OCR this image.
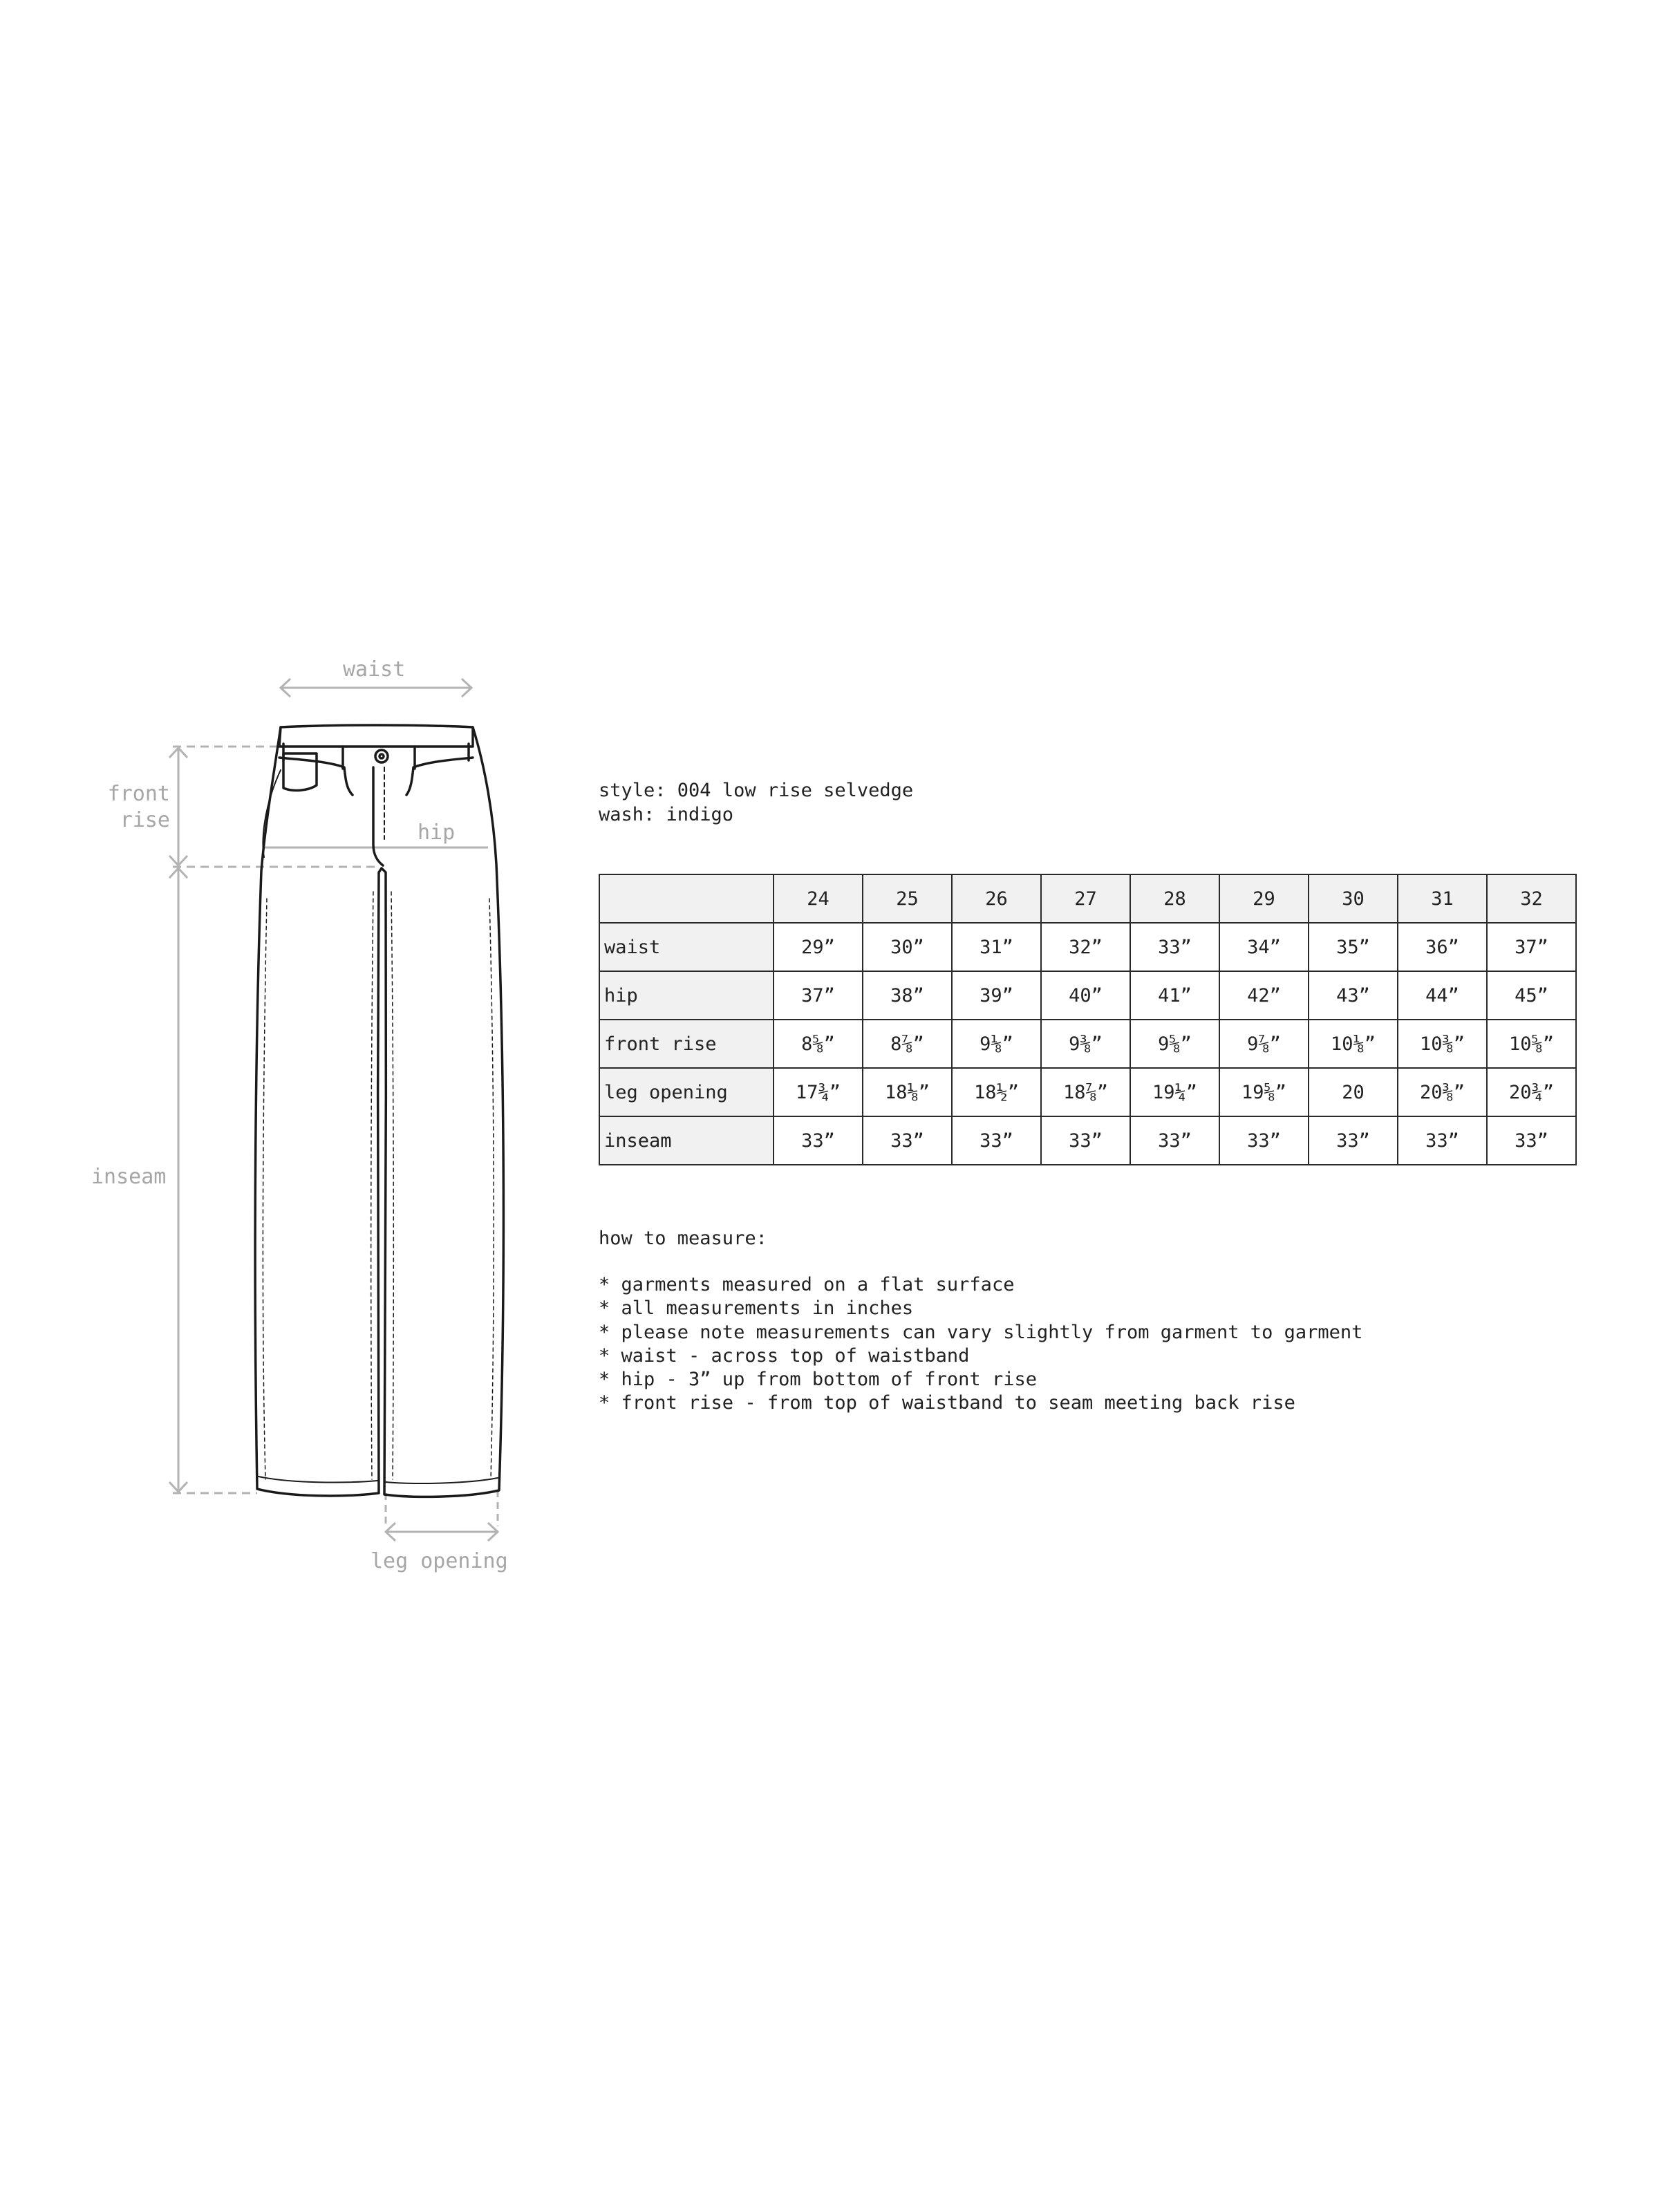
waist
front
rise
hip
inseam
leg opening
style: 004 low rise selvedge
wash: indigo
	24	25	26	27	28	29	30	31	32
waist	29”	30”	31”	32”	33”	34”	35”	36”	37”
hip	37”	38”	39”	40”	41”	42”	43”	44”	45”
front rise	8⅝”	8⅞”	9⅛”	9⅜”	9⅝”	9⅞”	10⅛”	10⅜”	10⅝”
leg opening	17¾”	18⅛”	18½”	18⅞”	19¼”	19⅝”	20	20⅜”	20¾”
inseam	33”	33”	33”	33”	33”	33”	33”	33”	33”
how to measure:
* garments measured on a flat surface
* all measurements in inches
* please note measurements can vary slightly from garment to garment
* waist - across top of waistband
* hip - 3” up from bottom of front rise
* front rise - from top of waistband to seam meeting back rise
